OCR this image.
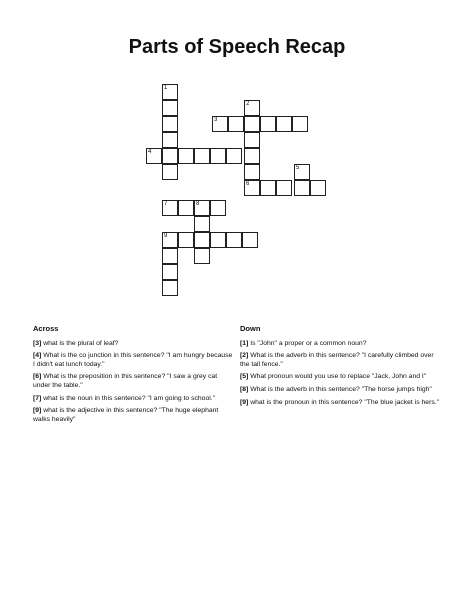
Parts of Speech Recap
1
2
3
4
5
6
7	8
9
Across
[3] what is the plural of leaf?
[4] What is the co junction in this sentence? "I am hungry because I didn't eat lunch today."
[6] What is the preposition in this sentence? "I saw a grey cat under the table."
[7] what is the noun in this sentence? "I am going to school."
[9] what is the adjective in this sentence? "The huge elephant walks heavily"
Down
[1] Is "John" a proper or a common noun?
[2] What is the adverb in this sentence? "I carefully climbed over the tall fence."
[5] What pronoun would you use to replace "Jack, John and I"
[8] What is the adverb in this sentence? "The horse jumps high"
[9] what is the pronoun in this sentence? "The blue jacket is hers."
